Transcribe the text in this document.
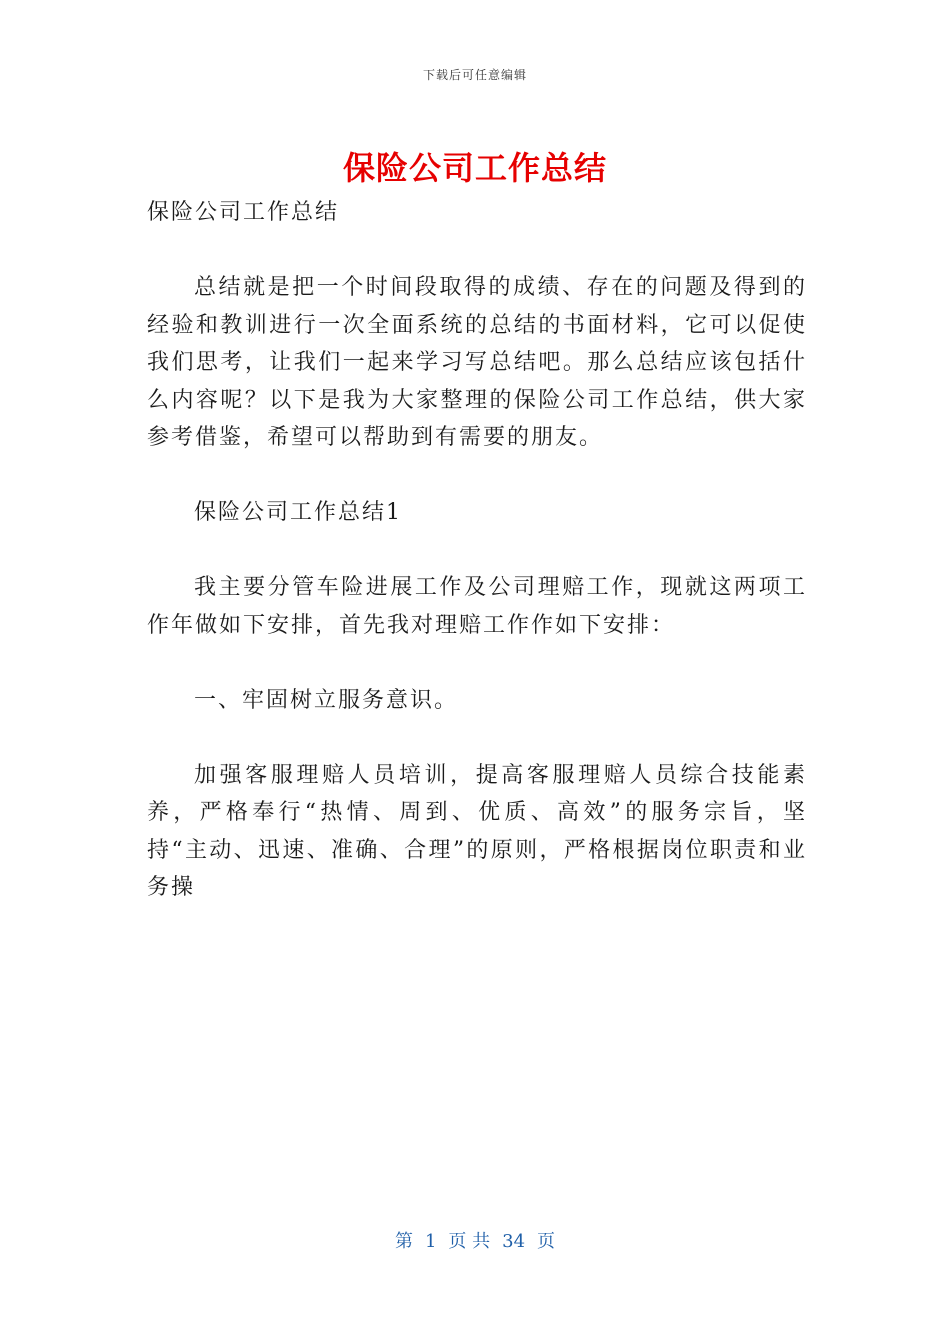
下载后可任意编辑
保险公司工作总结

保险公司工作总结

总结就是把一个时间段取得的成绩、存在的问题及得到的经验和教训进行一次全面系统的总结的书面材料，它可以促使我们思考，让我们一起来学习写总结吧。那么总结应该包括什么内容呢？以下是我为大家整理的保险公司工作总结，供大家参考借鉴，希望可以帮助到有需要的朋友。

保险公司工作总结1

我主要分管车险进展工作及公司理赔工作，现就这两项工作年做如下安排，首先我对理赔工作作如下安排：

一、牢固树立服务意识。

加强客服理赔人员培训，提高客服理赔人员综合技能素养，严格奉行“热情、周到、优质、高效”的服务宗旨，坚持“主动、迅速、准确、合理”的原则，严格根据岗位职责和业务操

第 1 页 共 34 页
